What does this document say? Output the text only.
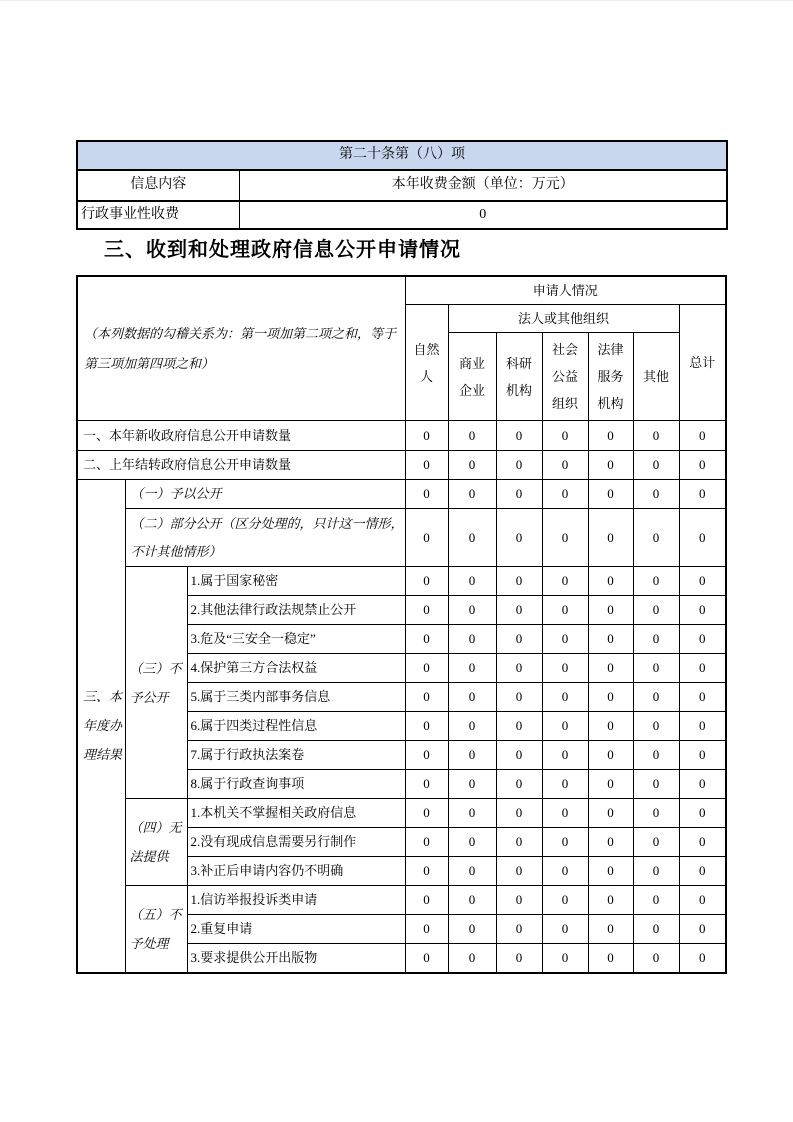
第二十条第（八）项	
信息内容	本年收费金额（单位：万元）
行政事业性收费	0
三、收到和处理政府信息公开申请情况
（本列数据的勾稽关系为：第一项加第二项之和，等于第三项加第四项之和）			申请人情况						
			自然人	法人或其他组织					总计
				商业企业	科研机构	社会公益组织	法律服务机构	其他	
一、本年新收政府信息公开申请数量			0	0	0	0	0	0	0
二、上年结转政府信息公开申请数量			0	0	0	0	0	0	0
三、本年度办理结果	（一）予以公开		0	0	0	0	0	0	0
	（二）部分公开（区分处理的，只计这一情形，不计其他情形）		0	0	0	0	0	0	0
	（三）不予公开	1.属于国家秘密	0	0	0	0	0	0	0
		2.其他法律行政法规禁止公开	0	0	0	0	0	0	0
		3.危及“三安全一稳定”	0	0	0	0	0	0	0
		4.保护第三方合法权益	0	0	0	0	0	0	0
		5.属于三类内部事务信息	0	0	0	0	0	0	0
		6.属于四类过程性信息	0	0	0	0	0	0	0
		7.属于行政执法案卷	0	0	0	0	0	0	0
		8.属于行政查询事项	0	0	0	0	0	0	0
	（四）无法提供	1.本机关不掌握相关政府信息	0	0	0	0	0	0	0
		2.没有现成信息需要另行制作	0	0	0	0	0	0	0
		3.补正后申请内容仍不明确	0	0	0	0	0	0	0
	（五）不予处理	1.信访举报投诉类申请	0	0	0	0	0	0	0
		2.重复申请	0	0	0	0	0	0	0
		3.要求提供公开出版物	0	0	0	0	0	0	0
